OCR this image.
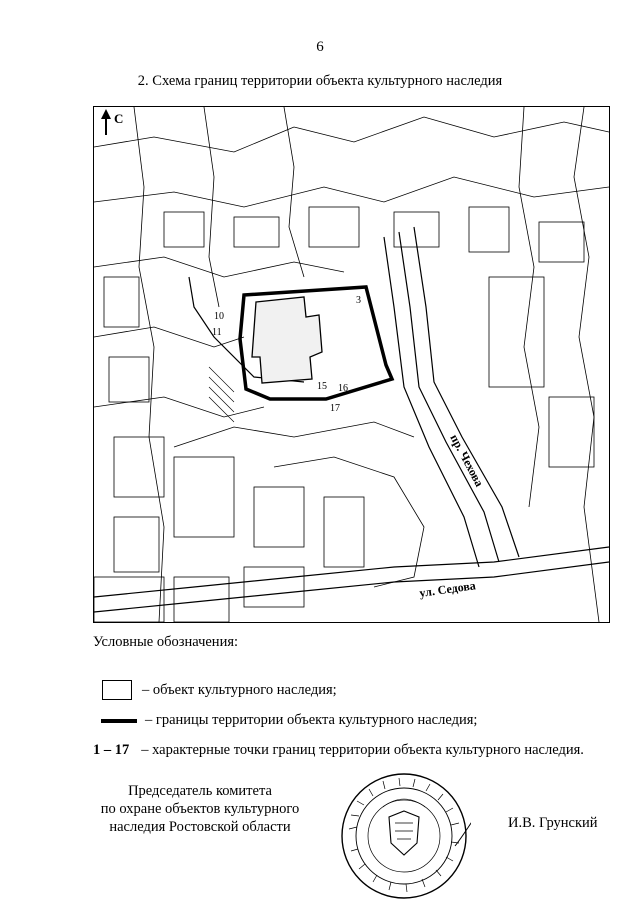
6
2. Схема границ территории объекта культурного наследия
С
10
11
3
15 16
17
пр. Чехова
ул. Седова
Условные обозначения:
– объект культурного наследия;
– границы территории объекта культурного наследия;
1 – 17 – характерные точки границ территории объекта культурного наследия.
Председатель комитета
по охране объектов культурного
наследия Ростовской области	И.В. Грунский
